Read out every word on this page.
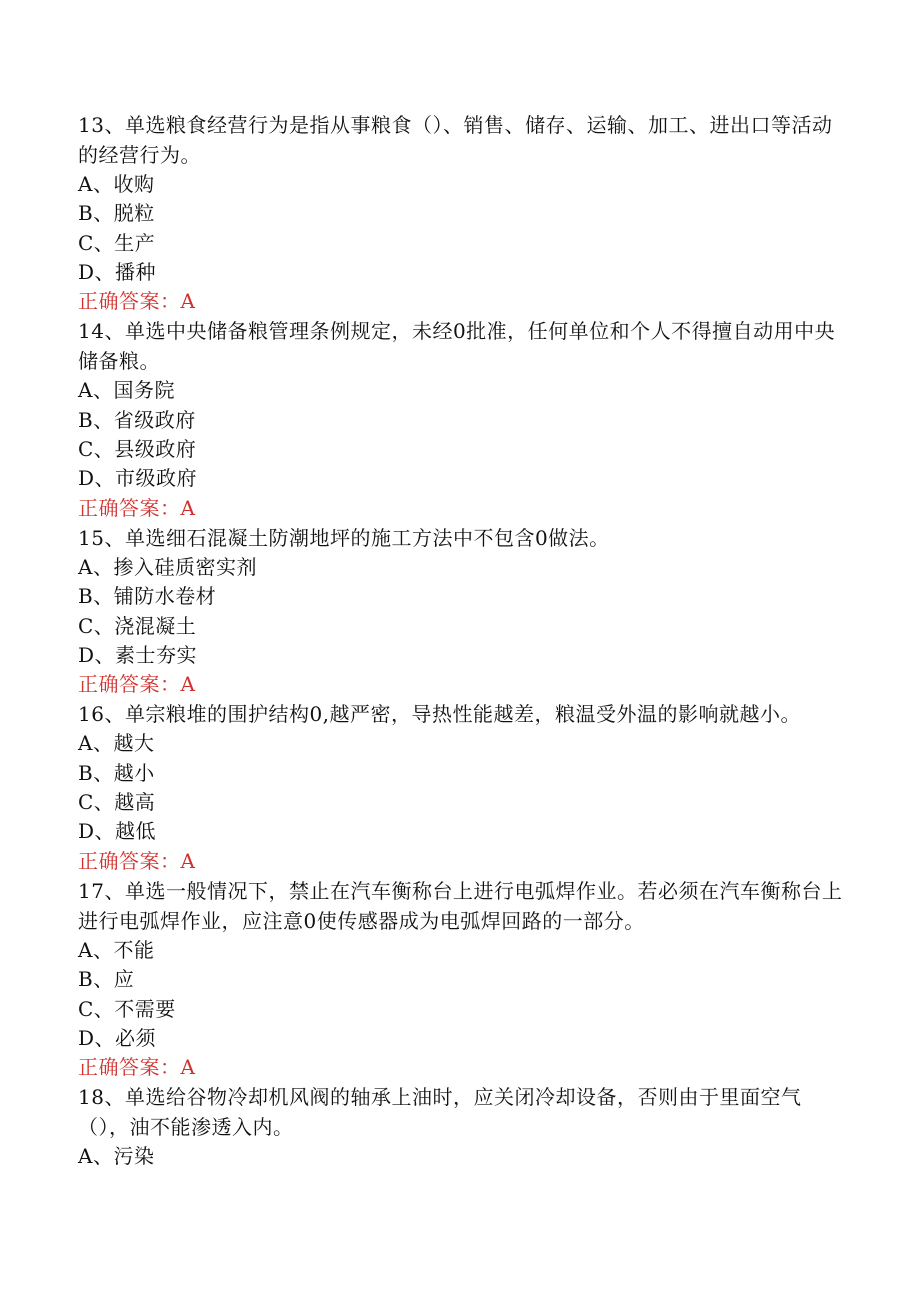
13、单选粮食经营行为是指从事粮食（）、销售、储存、运输、加工、进出口等活动的经营行为。

A、收购

B、脱粒

C、生产

D、播种

正确答案：A

14、单选中央储备粮管理条例规定，未经0批准，任何单位和个人不得擅自动用中央储备粮。

A、国务院

B、省级政府

C、县级政府

D、市级政府

正确答案：A

15、单选细石混凝土防潮地坪的施工方法中不包含0做法。

A、掺入硅质密实剂

B、铺防水卷材

C、浇混凝土

D、素士夯实

正确答案：A

16、单宗粮堆的围护结构0,越严密，导热性能越差，粮温受外温的影响就越小。

A、越大

B、越小

C、越高

D、越低

正确答案：A

17、单选一般情况下，禁止在汽车衡称台上进行电弧焊作业。若必须在汽车衡称台上进行电弧焊作业，应注意0使传感器成为电弧焊回路的一部分。

A、不能

B、应

C、不需要

D、必须

正确答案：A

18、单选给谷物冷却机风阀的轴承上油时，应关闭冷却设备，否则由于里面空气（），油不能渗透入内。

A、污染
